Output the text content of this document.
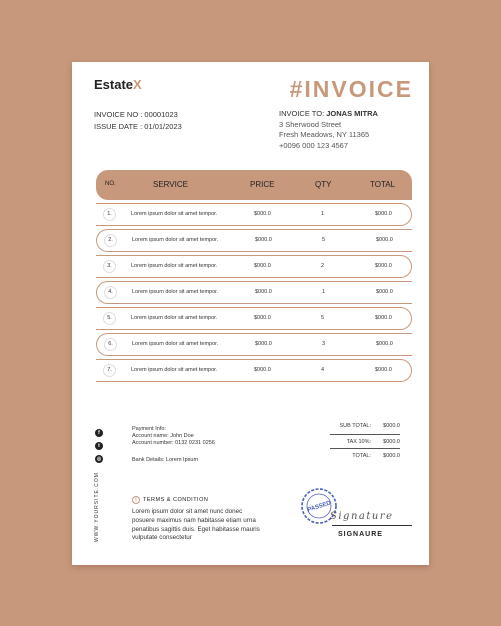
EstateX	#INVOICE
INVOICE NO : 00001023
ISSUE DATE : 01/01/2023
INVOICE TO: JONAS MITRA
3 Sherwood Street
Fresh Meadows, NY 11365
+0096 000 123 4567
NO.	SERVICE	PRICE	QTY	TOTAL
1.	Lorem ipsum dolor sit amet tempor.	$000.0	1	$000.0
2.	Lorem ipsum dolor sit amet tempor.	$000.0	5	$000.0
3.	Lorem ipsum dolor sit amet tempor.	$000.0	2	$000.0
4.	Lorem ipsum dolor sit amet tempor.	$000.0	1	$000.0
5.	Lorem ipsum dolor sit amet tempor.	$000.0	5	$000.0
6.	Lorem ipsum dolor sit amet tempor.	$000.0	3	$000.0
7.	Lorem ipsum dolor sit amet tempor.	$000.0	4	$000.0
f
t
◎
WWW.YOURSITE.COM
Payment Info:
Account name: John Doe
Account number: 0132 0231 0256
Bank Details: Lorem Ipsum
SUB TOTAL: $000.0
TAX 10%: $000.0
TOTAL: $000.0
i	TERMS & CONDITION
Lorem ipsum dolor sit amet nunc donec posuere maximus nam habitasse etiam urna penatibus sagittis duis. Eget habitasse mauris vulputate consectetur
PASSED
Signature
SIGNAURE
